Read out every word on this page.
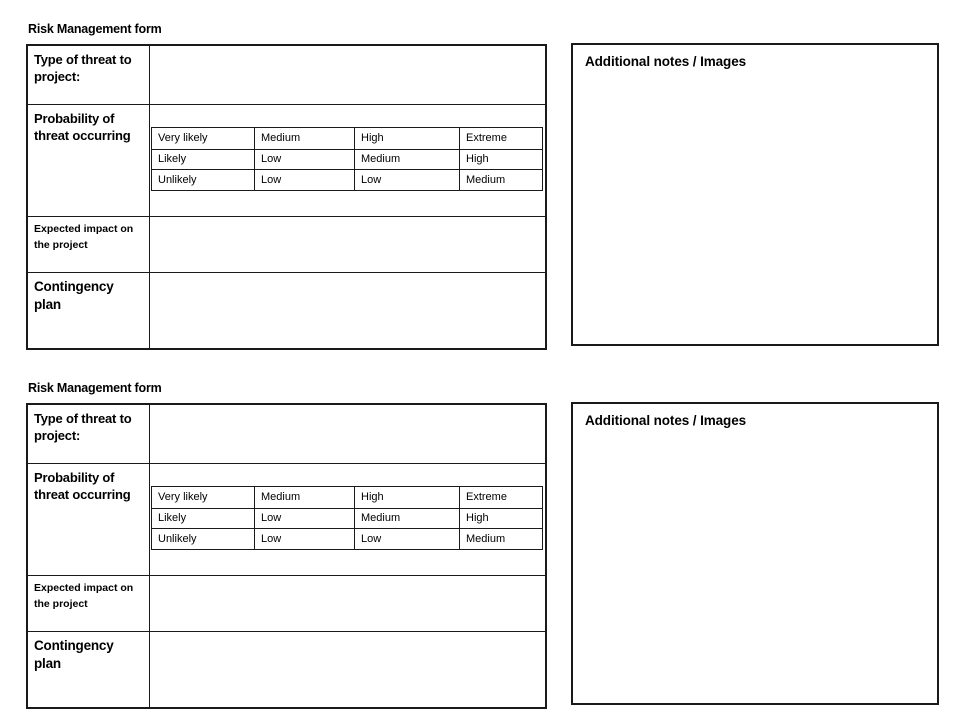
Risk Management form
Type of threat to project:
Probability of threat occurring	Very likely	Medium	High	Extreme
Likely	Low	Medium	High
Unlikely	Low	Low	Medium
Expected impact on the project
Contingency plan
Additional notes / Images
Risk Management form
Type of threat to project:
Probability of threat occurring	Very likely	Medium	High	Extreme
Likely	Low	Medium	High
Unlikely	Low	Low	Medium
Expected impact on the project
Contingency plan
Additional notes / Images
